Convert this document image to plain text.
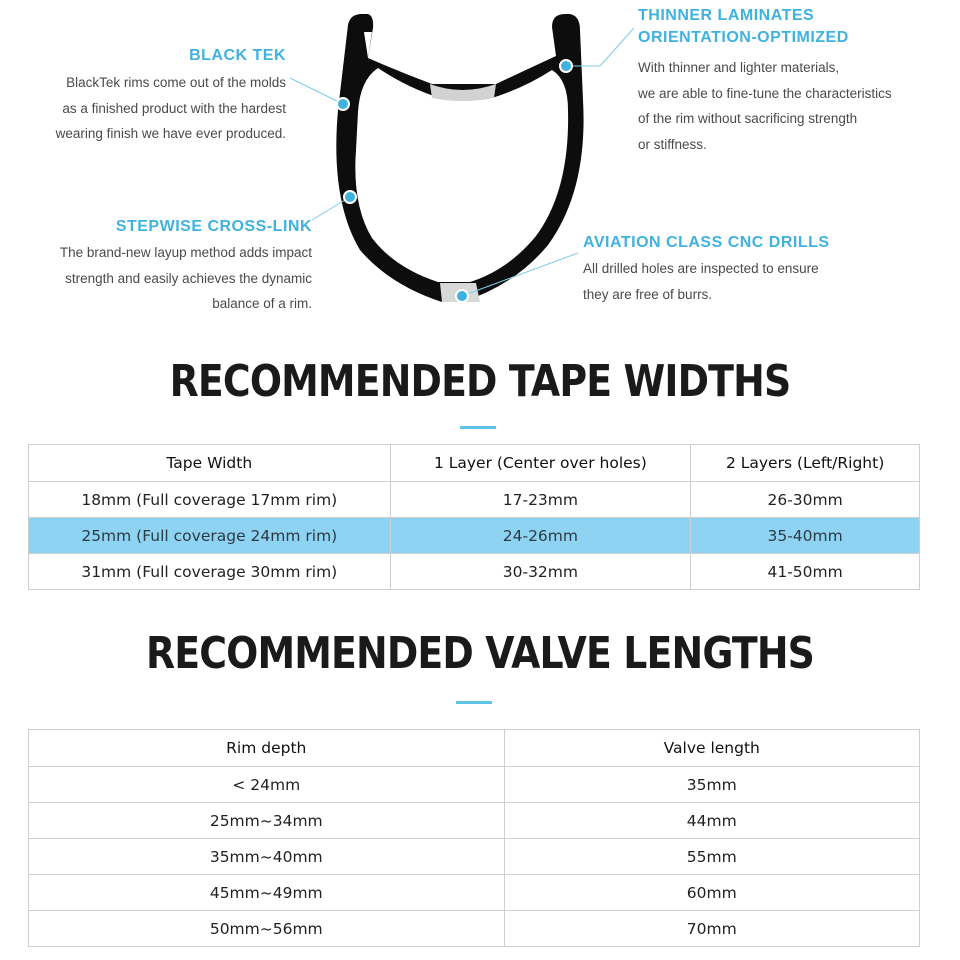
BLACK TEK
BlackTek rims come out of the molds
as a finished product with the hardest
wearing finish we have ever produced.
STEPWISE CROSS-LINK
The brand-new layup method adds impact
strength and easily achieves the dynamic
balance of a rim.
THINNER LAMINATES
ORIENTATION-OPTIMIZED
With thinner and lighter materials,
we are able to fine-tune the characteristics
of the rim without sacrificing strength
or stiffness.
AVIATION CLASS CNC DRILLS
All drilled holes are inspected to ensure
they are free of burrs.
RECOMMENDED TAPE WIDTHS
Tape Width	1 Layer (Center over holes)	2 Layers (Left/Right)
18mm (Full coverage 17mm rim)	17-23mm	26-30mm
25mm (Full coverage 24mm rim)	24-26mm	35-40mm
31mm (Full coverage 30mm rim)	30-32mm	41-50mm
RECOMMENDED VALVE LENGTHS
Rim depth	Valve length
< 24mm	35mm
25mm~34mm	44mm
35mm~40mm	55mm
45mm~49mm	60mm
50mm~56mm	70mm
